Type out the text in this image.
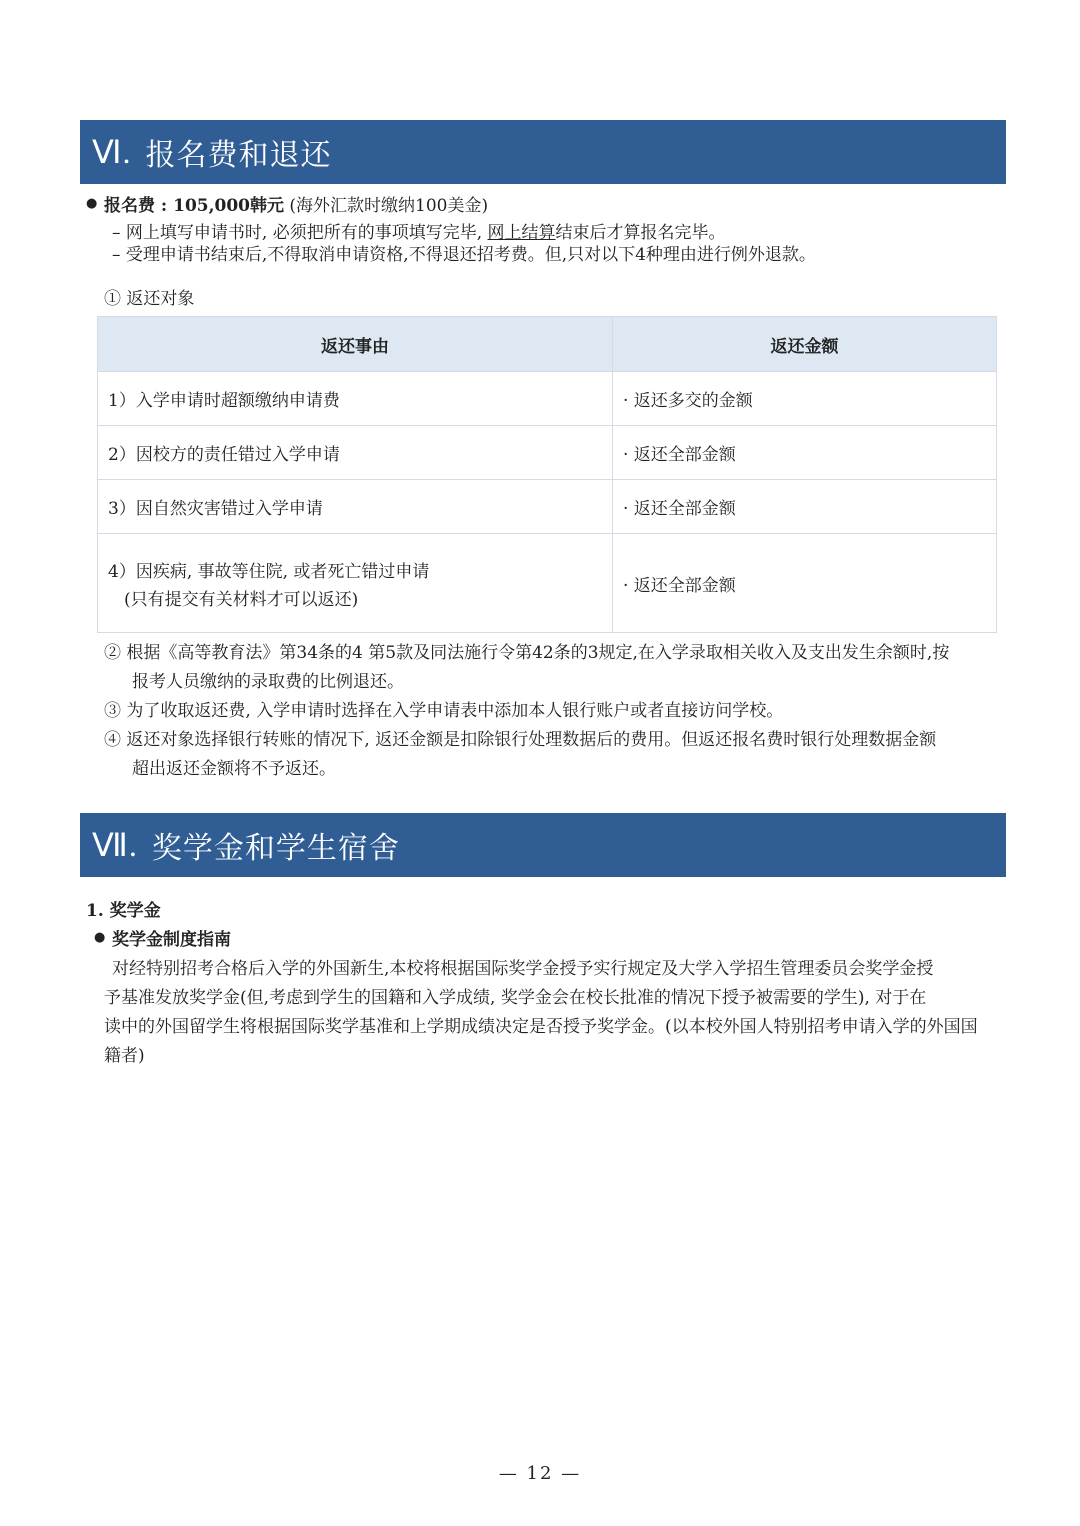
Ⅵ. 报名费和退还
● 报名费 : 105,000韩元 (海外汇款时缴纳100美金)
– 网上填写申请书时, 必须把所有的事项填写完毕, 网上结算结束后才算报名完毕。
– 受理申请书结束后,不得取消申请资格,不得退还招考费。但,只对以下4种理由进行例外退款。
① 返还对象
返还事由	返还金额
1）入学申请时超额缴纳申请费	· 返还多交的金额
2）因校方的责任错过入学申请	· 返还全部金额
3）因自然灾害错过入学申请	· 返还全部金额

4）因疾病, 事故等住院, 或者死亡错过申请
(只有提交有关材料才可以返还)	· 返还全部金额
② 根据《高等教育法》第34条的4 第5款及同法施行令第42条的3规定,在入学录取相关收入及支出发生余额时,按
报考人员缴纳的录取费的比例退还。
③ 为了收取返还费, 入学申请时选择在入学申请表中添加本人银行账户或者直接访问学校。
④ 返还对象选择银行转账的情况下, 返还金额是扣除银行处理数据后的费用。但返还报名费时银行处理数据金额
超出返还金额将不予返还。
Ⅶ. 奖学金和学生宿舍
1. 奖学金
● 奖学金制度指南
对经特别招考合格后入学的外国新生,本校将根据国际奖学金授予实行规定及大学入学招生管理委员会奖学金授
予基准发放奖学金(但,考虑到学生的国籍和入学成绩, 奖学金会在校长批准的情况下授予被需要的学生), 对于在
读中的外国留学生将根据国际奖学基准和上学期成绩决定是否授予奖学金。(以本校外国人特别招考申请入学的外国国
籍者)
— 12 —
